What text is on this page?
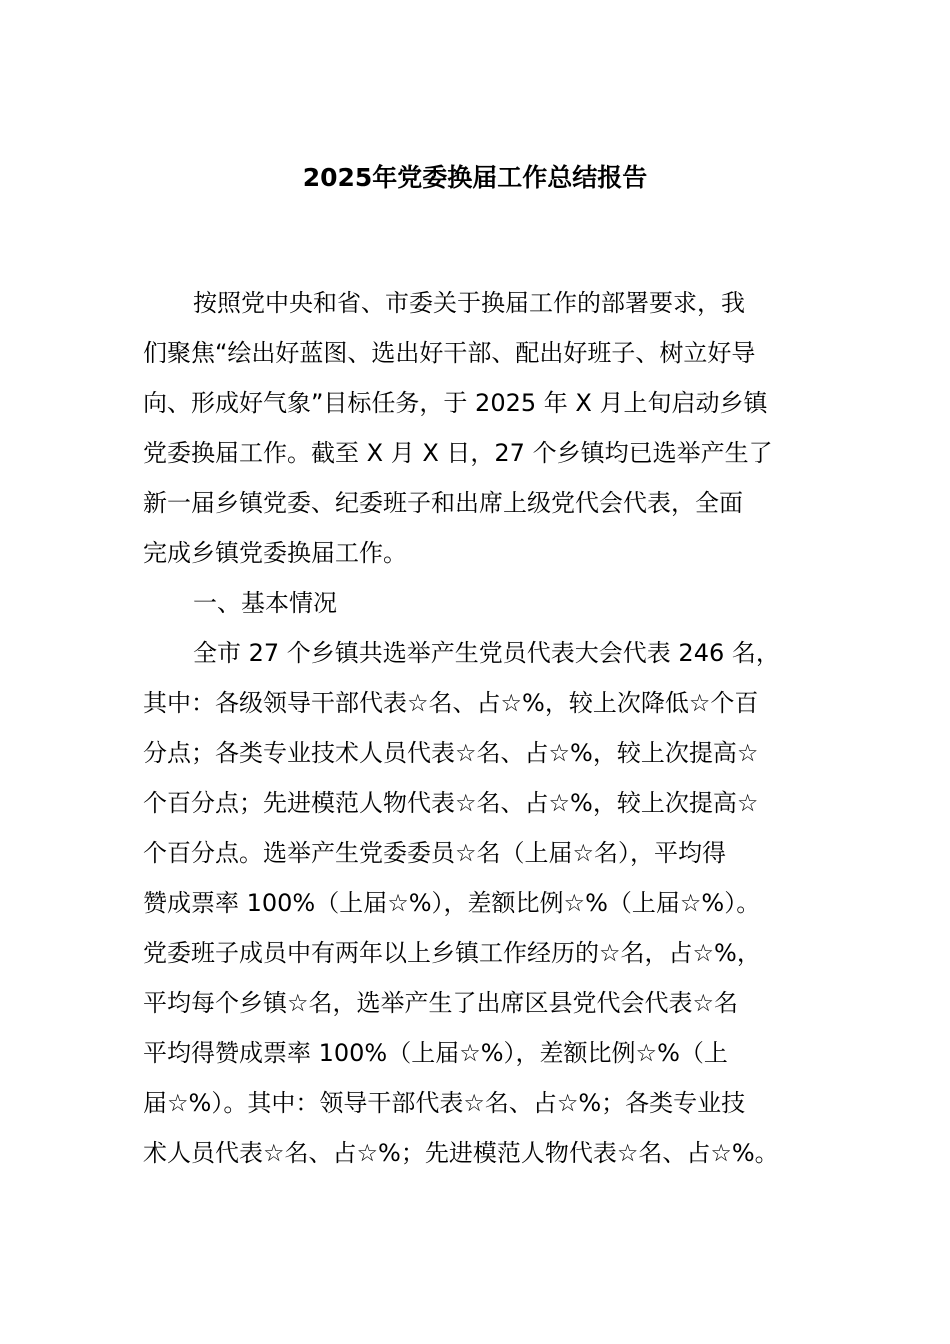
2025年党委换届工作总结报告
按照党中央和省、市委关于换届工作的部署要求，我
们聚焦“绘出好蓝图、选出好干部、配出好班子、树立好导
向、形成好气象”目标任务，于 2025 年 X 月上旬启动乡镇
党委换届工作。截至 X 月 X 日，27 个乡镇均已选举产生了
新一届乡镇党委、纪委班子和出席上级党代会代表，全面
完成乡镇党委换届工作。
一、基本情况
全市 27 个乡镇共选举产生党员代表大会代表 246 名，
其中：各级领导干部代表☆名、占☆%，较上次降低☆个百
分点；各类专业技术人员代表☆名、占☆%，较上次提高☆
个百分点；先进模范人物代表☆名、占☆%，较上次提高☆
个百分点。选举产生党委委员☆名（上届☆名），平均得
赞成票率 100%（上届☆%），差额比例☆%（上届☆%）。
党委班子成员中有两年以上乡镇工作经历的☆名，占☆%，
平均每个乡镇☆名，选举产生了出席区县党代会代表☆名
平均得赞成票率 100%（上届☆%），差额比例☆%（上
届☆%）。其中：领导干部代表☆名、占☆%；各类专业技
术人员代表☆名、占☆%；先进模范人物代表☆名、占☆%。
